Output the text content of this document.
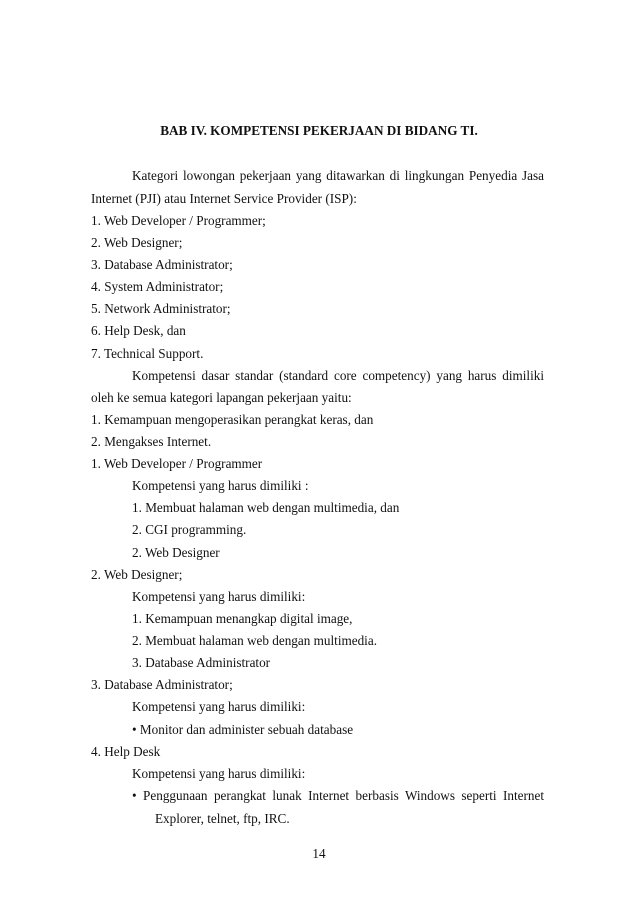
BAB IV. KOMPETENSI PEKERJAAN DI BIDANG TI.

Kategori lowongan pekerjaan yang ditawarkan di lingkungan Penyedia Jasa

Internet (PJI) atau Internet Service Provider (ISP):

1. Web Developer / Programmer;

2. Web Designer;

3. Database Administrator;

4. System Administrator;

5. Network Administrator;

6. Help Desk, dan

7. Technical Support.

Kompetensi dasar standar (standard core competency) yang harus dimiliki

oleh ke semua kategori lapangan pekerjaan yaitu:

1. Kemampuan mengoperasikan perangkat keras, dan

2. Mengakses Internet.

1. Web Developer / Programmer

Kompetensi yang harus dimiliki :

1. Membuat halaman web dengan multimedia, dan

2. CGI programming.

2. Web Designer

2. Web Designer;

Kompetensi yang harus dimiliki:

1. Kemampuan menangkap digital image,

2. Membuat halaman web dengan multimedia.

3. Database Administrator

3. Database Administrator;

Kompetensi yang harus dimiliki:

• Monitor dan administer sebuah database

4. Help Desk

Kompetensi yang harus dimiliki:

• Penggunaan perangkat lunak Internet berbasis Windows seperti Internet

Explorer, telnet, ftp, IRC.

14
